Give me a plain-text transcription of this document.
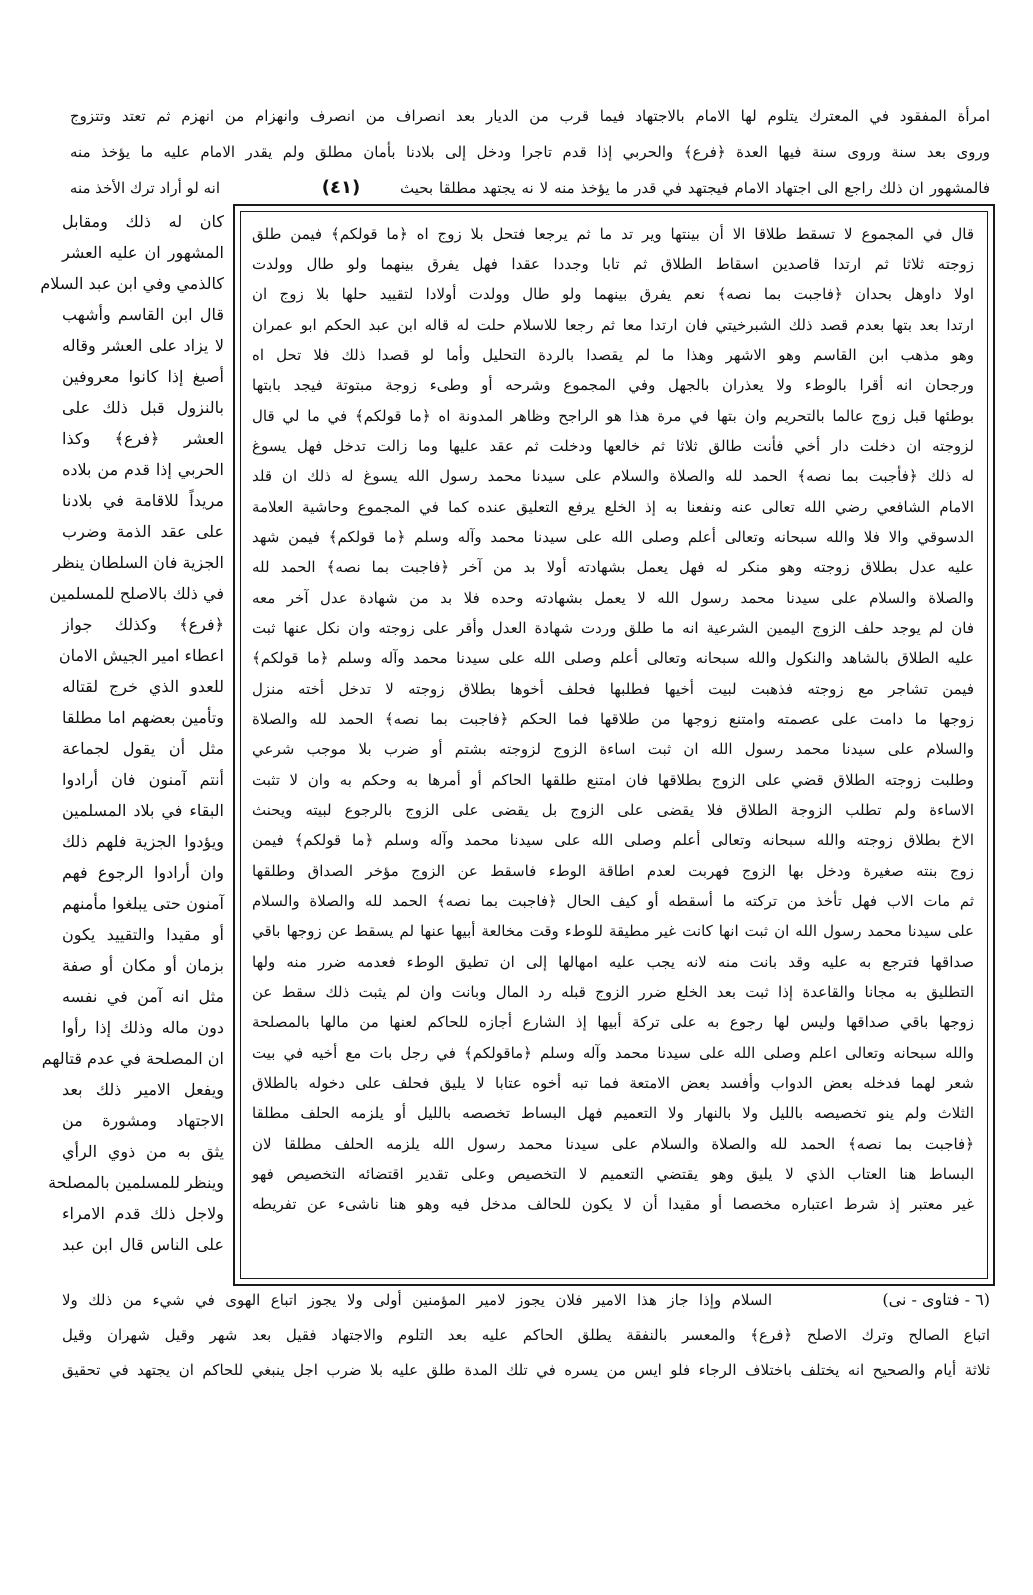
امرأة المفقود في المعترك يتلوم لها الامام بالاجتهاد فيما قرب من الديار بعد انصراف من انصرف وانهزام من انهزم ثم تعتد وتتزوج
وروى بعد سنة وروى سنة فيها العدة ﴿فرع﴾ والحربي إذا قدم تاجرا ودخل إلى بلادنا بأمان مطلق ولم يقدر الامام عليه ما يؤخذ منه
انه لو أراد ترك الأخذ منه	(٤١)	فالمشهور ان ذلك راجع الى اجتهاد الامام فيجتهد في قدر ما يؤخذ منه لا نه يجتهد مطلقا بحيث
قال في المجموع لا تسقط طلاقا الا أن بينتها وير تد ما ثم يرجعا فتحل بلا زوج اه ﴿ما قولكم﴾ فيمن طلق
زوجته ثلاثا ثم ارتدا قاصدين اسقاط الطلاق ثم تابا وجددا عقدا فهل يفرق بينهما ولو طال وولدت
اولا داوهل بحدان ﴿فاجبت بما نصه﴾ نعم يفرق بينهما ولو طال وولدت أولادا لتقييد حلها بلا زوج ان
ارتدا بعد بتها بعدم قصد ذلك الشبرخيتي فان ارتدا معا ثم رجعا للاسلام حلت له قاله ابن عبد الحكم ابو عمران
وهو مذهب ابن القاسم وهو الاشهر وهذا ما لم يقصدا بالردة التحليل وأما لو قصدا ذلك فلا تحل اه
ورجحان انه أقرا بالوطء ولا يعذران بالجهل وفي المجموع وشرحه أو وطىء زوجة مبتوتة فيجد بابتها
بوطئها قبل زوج عالما بالتحريم وان بتها في مرة هذا هو الراجح وظاهر المدونة اه ﴿ما قولكم﴾ في ما لي قال
لزوجته ان دخلت دار أخي فأنت طالق ثلاثا ثم خالعها ودخلت ثم عقد عليها وما زالت تدخل فهل يسوغ
له ذلك ﴿فأجبت بما نصه﴾ الحمد لله والصلاة والسلام على سيدنا محمد رسول الله يسوغ له ذلك ان قلد
الامام الشافعي رضي الله تعالى عنه ونفعنا به إذ الخلع يرفع التعليق عنده كما في المجموع وحاشية العلامة
الدسوقي والا فلا والله سبحانه وتعالى أعلم وصلى الله على سيدنا محمد وآله وسلم ﴿ما قولكم﴾ فيمن شهد
عليه عدل بطلاق زوجته وهو منكر له فهل يعمل بشهادته أولا بد من آخر ﴿فاجبت بما نصه﴾ الحمد لله
والصلاة والسلام على سيدنا محمد رسول الله لا يعمل بشهادته وحده فلا بد من شهادة عدل آخر معه
فان لم يوجد حلف الزوج اليمين الشرعية انه ما طلق وردت شهادة العدل وأقر على زوجته وان نكل عنها ثبت
عليه الطلاق بالشاهد والنكول والله سبحانه وتعالى أعلم وصلى الله على سيدنا محمد وآله وسلم ﴿ما قولكم﴾
فيمن تشاجر مع زوجته فذهبت لبيت أخيها فطلبها فحلف أخوها بطلاق زوجته لا تدخل أخته منزل
زوجها ما دامت على عصمته وامتنع زوجها من طلاقها فما الحكم ﴿فاجبت بما نصه﴾ الحمد لله والصلاة
والسلام على سيدنا محمد رسول الله ان ثبت اساءة الزوج لزوجته بشتم أو ضرب بلا موجب شرعي
وطلبت زوجته الطلاق قضي على الزوج بطلاقها فان امتنع طلقها الحاكم أو أمرها به وحكم به وان لا تثبت
الاساءة ولم تطلب الزوجة الطلاق فلا يقضى على الزوج بل يقضى على الزوج بالرجوع لبيته ويحنث
الاخ بطلاق زوجته والله سبحانه وتعالى أعلم وصلى الله على سيدنا محمد وآله وسلم ﴿ما قولكم﴾ فيمن
زوج بنته صغيرة ودخل بها الزوج فهربت لعدم اطاقة الوطء فاسقط عن الزوج مؤخر الصداق وطلقها
ثم مات الاب فهل تأخذ من تركته ما أسقطه أو كيف الحال ﴿فاجبت بما نصه﴾ الحمد لله والصلاة والسلام
على سيدنا محمد رسول الله ان ثبت انها كانت غير مطيقة للوطء وقت مخالعة أبيها عنها لم يسقط عن زوجها باقي
صداقها فترجع به عليه وقد بانت منه لانه يجب عليه امهالها إلى ان تطيق الوطء فعدمه ضرر منه ولها
التطليق به مجانا والقاعدة إذا ثبت بعد الخلع ضرر الزوج قبله رد المال وبانت وان لم يثبت ذلك سقط عن
زوجها باقي صداقها وليس لها رجوع به على تركة أبيها إذ الشارع أجازه للحاكم لعنها من مالها بالمصلحة
والله سبحانه وتعالى اعلم وصلى الله على سيدنا محمد وآله وسلم ﴿ماقولكم﴾ في رجل بات مع أخيه في بيت
شعر لهما فدخله بعض الدواب وأفسد بعض الامتعة فما تبه أخوه عتابا لا يليق فحلف على دخوله بالطلاق
الثلاث ولم ينو تخصيصه بالليل ولا بالنهار ولا التعميم فهل البساط تخصصه بالليل أو يلزمه الحلف مطلقا
﴿فاجبت بما نصه﴾ الحمد لله والصلاة والسلام على سيدنا محمد رسول الله يلزمه الحلف مطلقا لان
البساط هنا العتاب الذي لا يليق وهو يقتضي التعميم لا التخصيص وعلى تقدير اقتضائه التخصيص فهو
غير معتبر إذ شرط اعتباره مخصصا أو مقيدا أن لا يكون للحالف مدخل فيه وهو هنا ناشىء عن تفريطه
كان له ذلك ومقابل
المشهور ان عليه العشر
كالذمي وفي ابن عبد السلام
قال ابن القاسم وأشهب
لا يزاد على العشر وقاله
أصبغ إذا كانوا معروفين
بالنزول قبل ذلك على
العشر ﴿فرع﴾ وكذا
الحربي إذا قدم من بلاده
مريداً للاقامة في بلادنا
على عقد الذمة وضرب
الجزية فان السلطان ينظر
في ذلك بالاصلح للمسلمين
﴿فرع﴾ وكذلك جواز
اعطاء امير الجيش الامان
للعدو الذي خرج لقتاله
وتأمين بعضهم اما مطلقا
مثل أن يقول لجماعة
أنتم آمنون فان أرادوا
البقاء في بلاد المسلمين
ويؤدوا الجزية فلهم ذلك
وان أرادوا الرجوع فهم
آمنون حتى يبلغوا مأمنهم
أو مقيدا والتقييد يكون
بزمان أو مكان أو صفة
مثل انه آمن في نفسه
دون ماله وذلك إذا رأوا
ان المصلحة في عدم قتالهم
ويفعل الامير ذلك بعد
الاجتهاد ومشورة من
يثق به من ذوي الرأي
وينظر للمسلمين بالمصلحة
ولاجل ذلك قدم الامراء
على الناس قال ابن عبد
السلام وإذا جاز هذا الامير فلان يجوز لامير المؤمنين أولى ولا يجوز اتباع الهوى في شيء من ذلك ولا	(٦ - فتاوى - نى)
اتباع الصالح وترك الاصلح ﴿فرع﴾ والمعسر بالنفقة يطلق الحاكم عليه بعد التلوم والاجتهاد فقيل بعد شهر وقيل شهران وقيل
ثلاثة أيام والصحيح انه يختلف باختلاف الرجاء فلو ايس من يسره في تلك المدة طلق عليه بلا ضرب اجل ينبغي للحاكم ان يجتهد في تحقيق
